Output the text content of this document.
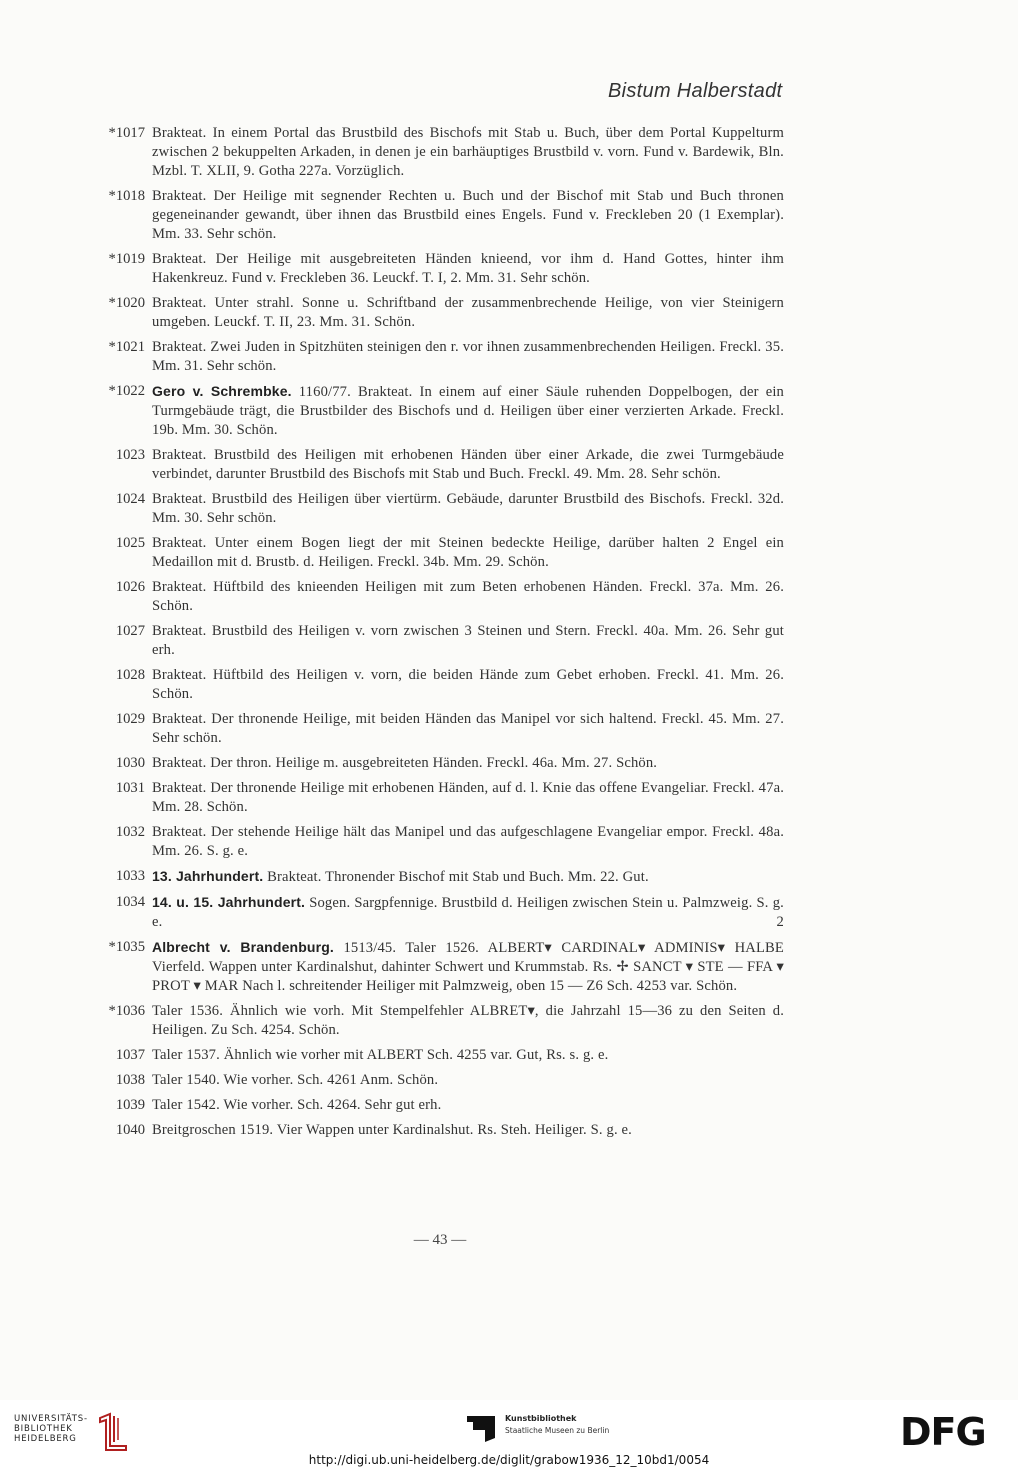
Bistum Halberstadt
*1017 Brakteat. In einem Portal das Brustbild des Bischofs mit Stab u. Buch, über dem Portal Kuppelturm zwischen 2 bekuppelten Arkaden, in denen je ein barhäuptiges Brustbild v. vorn. Fund v. Bardewik, Bln. Mzbl. T. XLII, 9. Gotha 227a. Vorzüglich.
*1018 Brakteat. Der Heilige mit segnender Rechten u. Buch und der Bischof mit Stab und Buch thronen gegeneinander gewandt, über ihnen das Brustbild eines Engels. Fund v. Freckleben 20 (1 Exemplar). Mm. 33. Sehr schön.
*1019 Brakteat. Der Heilige mit ausgebreiteten Händen knieend, vor ihm d. Hand Gottes, hinter ihm Hakenkreuz. Fund v. Freckleben 36. Leuckf. T. I, 2. Mm. 31. Sehr schön.
*1020 Brakteat. Unter strahl. Sonne u. Schriftband der zusammenbrechende Heilige, von vier Steinigern umgeben. Leuckf. T. II, 23. Mm. 31. Schön.
*1021 Brakteat. Zwei Juden in Spitzhüten steinigen den r. vor ihnen zusammenbrechenden Heiligen. Freckl. 35. Mm. 31. Sehr schön.
*1022 Gero v. Schrembke. 1160/77. Brakteat. In einem auf einer Säule ruhenden Doppelbogen, der ein Turmgebäude trägt, die Brustbilder des Bischofs und d. Heiligen über einer verzierten Arkade. Freckl. 19b. Mm. 30. Schön.
1023 Brakteat. Brustbild des Heiligen mit erhobenen Händen über einer Arkade, die zwei Turmgebäude verbindet, darunter Brustbild des Bischofs mit Stab und Buch. Freckl. 49. Mm. 28. Sehr schön.
1024 Brakteat. Brustbild des Heiligen über viertürm. Gebäude, darunter Brustbild des Bischofs. Freckl. 32d. Mm. 30. Sehr schön.
1025 Brakteat. Unter einem Bogen liegt der mit Steinen bedeckte Heilige, darüber halten 2 Engel ein Medaillon mit d. Brustb. d. Heiligen. Freckl. 34b. Mm. 29. Schön.
1026 Brakteat. Hüftbild des knieenden Heiligen mit zum Beten erhobenen Händen. Freckl. 37a. Mm. 26. Schön.
1027 Brakteat. Brustbild des Heiligen v. vorn zwischen 3 Steinen und Stern. Freckl. 40a. Mm. 26. Sehr gut erh.
1028 Brakteat. Hüftbild des Heiligen v. vorn, die beiden Hände zum Gebet erhoben. Freckl. 41. Mm. 26. Schön.
1029 Brakteat. Der thronende Heilige, mit beiden Händen das Manipel vor sich haltend. Freckl. 45. Mm. 27. Sehr schön.
1030 Brakteat. Der thron. Heilige m. ausgebreiteten Händen. Freckl. 46a. Mm. 27. Schön.
1031 Brakteat. Der thronende Heilige mit erhobenen Händen, auf d. l. Knie das offene Evangeliar. Freckl. 47a. Mm. 28. Schön.
1032 Brakteat. Der stehende Heilige hält das Manipel und das aufgeschlagene Evangeliar empor. Freckl. 48a. Mm. 26. S. g. e.
1033 13. Jahrhundert. Brakteat. Thronender Bischof mit Stab und Buch. Mm. 22. Gut.
1034 14. u. 15. Jahrhundert. Sogen. Sargpfennige. Brustbild d. Heiligen zwischen Stein u. Palmzweig. S. g. e.	2
*1035 Albrecht v. Brandenburg. 1513/45. Taler 1526. ALBERT▾ CARDINAL▾ ADMINIS▾ HALBE Vierfeld. Wappen unter Kardinalshut, dahinter Schwert und Krummstab. Rs. ✢ SANCT ▾ STE — FFA ▾ PROT ▾ MAR Nach l. schreitender Heiliger mit Palmzweig, oben 15 — Z6 Sch. 4253 var. Schön.
*1036 Taler 1536. Ähnlich wie vorh. Mit Stempelfehler ALBRET▾, die Jahrzahl 15—36 zu den Seiten d. Heiligen. Zu Sch. 4254. Schön.
1037 Taler 1537. Ähnlich wie vorher mit ALBERT Sch. 4255 var. Gut, Rs. s. g. e.
1038 Taler 1540. Wie vorher. Sch. 4261 Anm. Schön.
1039 Taler 1542. Wie vorher. Sch. 4264. Sehr gut erh.
1040 Breitgroschen 1519. Vier Wappen unter Kardinalshut. Rs. Steh. Heiliger. S. g. e.
— 43 —
UNIVERSITÄTS-
BIBLIOTHEK
HEIDELBERG
Kunstbibliothek
Staatliche Museen zu Berlin	DFG
http://digi.ub.uni-heidelberg.de/diglit/grabow1936_12_10bd1/0054
